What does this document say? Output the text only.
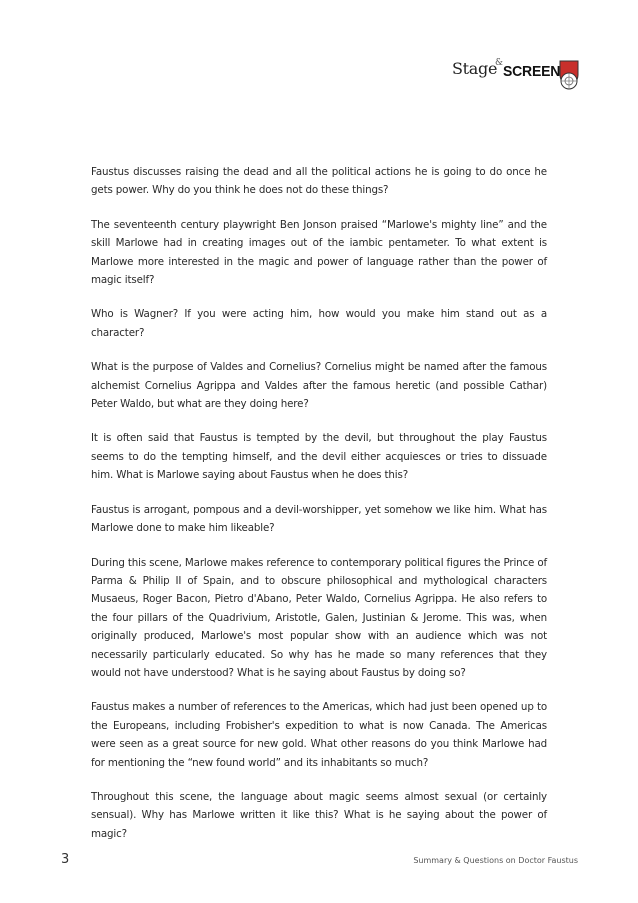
Stage
& SCREEN

Faustus discusses raising the dead and all the political actions he is going to do once he gets power. Why do you think he does not do these things?

The seventeenth century playwright Ben Jonson praised “Marlowe's mighty line” and the skill Marlowe had in creating images out of the iambic pentameter. To what extent is Marlowe more interested in the magic and power of language rather than the power of magic itself?

Who is Wagner? If you were acting him, how would you make him stand out as a character?

What is the purpose of Valdes and Cornelius? Cornelius might be named after the famous alchemist Cornelius Agrippa and Valdes after the famous heretic (and possible Cathar) Peter Waldo, but what are they doing here?

It is often said that Faustus is tempted by the devil, but throughout the play Faustus seems to do the tempting himself, and the devil either acquiesces or tries to dissuade him. What is Marlowe saying about Faustus when he does this?

Faustus is arrogant, pompous and a devil-worshipper, yet somehow we like him. What has Marlowe done to make him likeable?

During this scene, Marlowe makes reference to contemporary political figures the Prince of Parma & Philip II of Spain, and to obscure philosophical and mythological characters Musaeus, Roger Bacon, Pietro d'Abano, Peter Waldo, Cornelius Agrippa. He also refers to the four pillars of the Quadrivium, Aristotle, Galen, Justinian & Jerome. This was, when originally produced, Marlowe's most popular show with an audience which was not necessarily particularly educated. So why has he made so many references that they would not have understood? What is he saying about Faustus by doing so?

Faustus makes a number of references to the Americas, which had just been opened up to the Europeans, including Frobisher's expedition to what is now Canada. The Americas were seen as a great source for new gold. What other reasons do you think Marlowe had for mentioning the “new found world” and its inhabitants so much?

Throughout this scene, the language about magic seems almost sexual (or certainly sensual). Why has Marlowe written it like this? What is he saying about the power of magic?

3	Summary & Questions on Doctor Faustus
